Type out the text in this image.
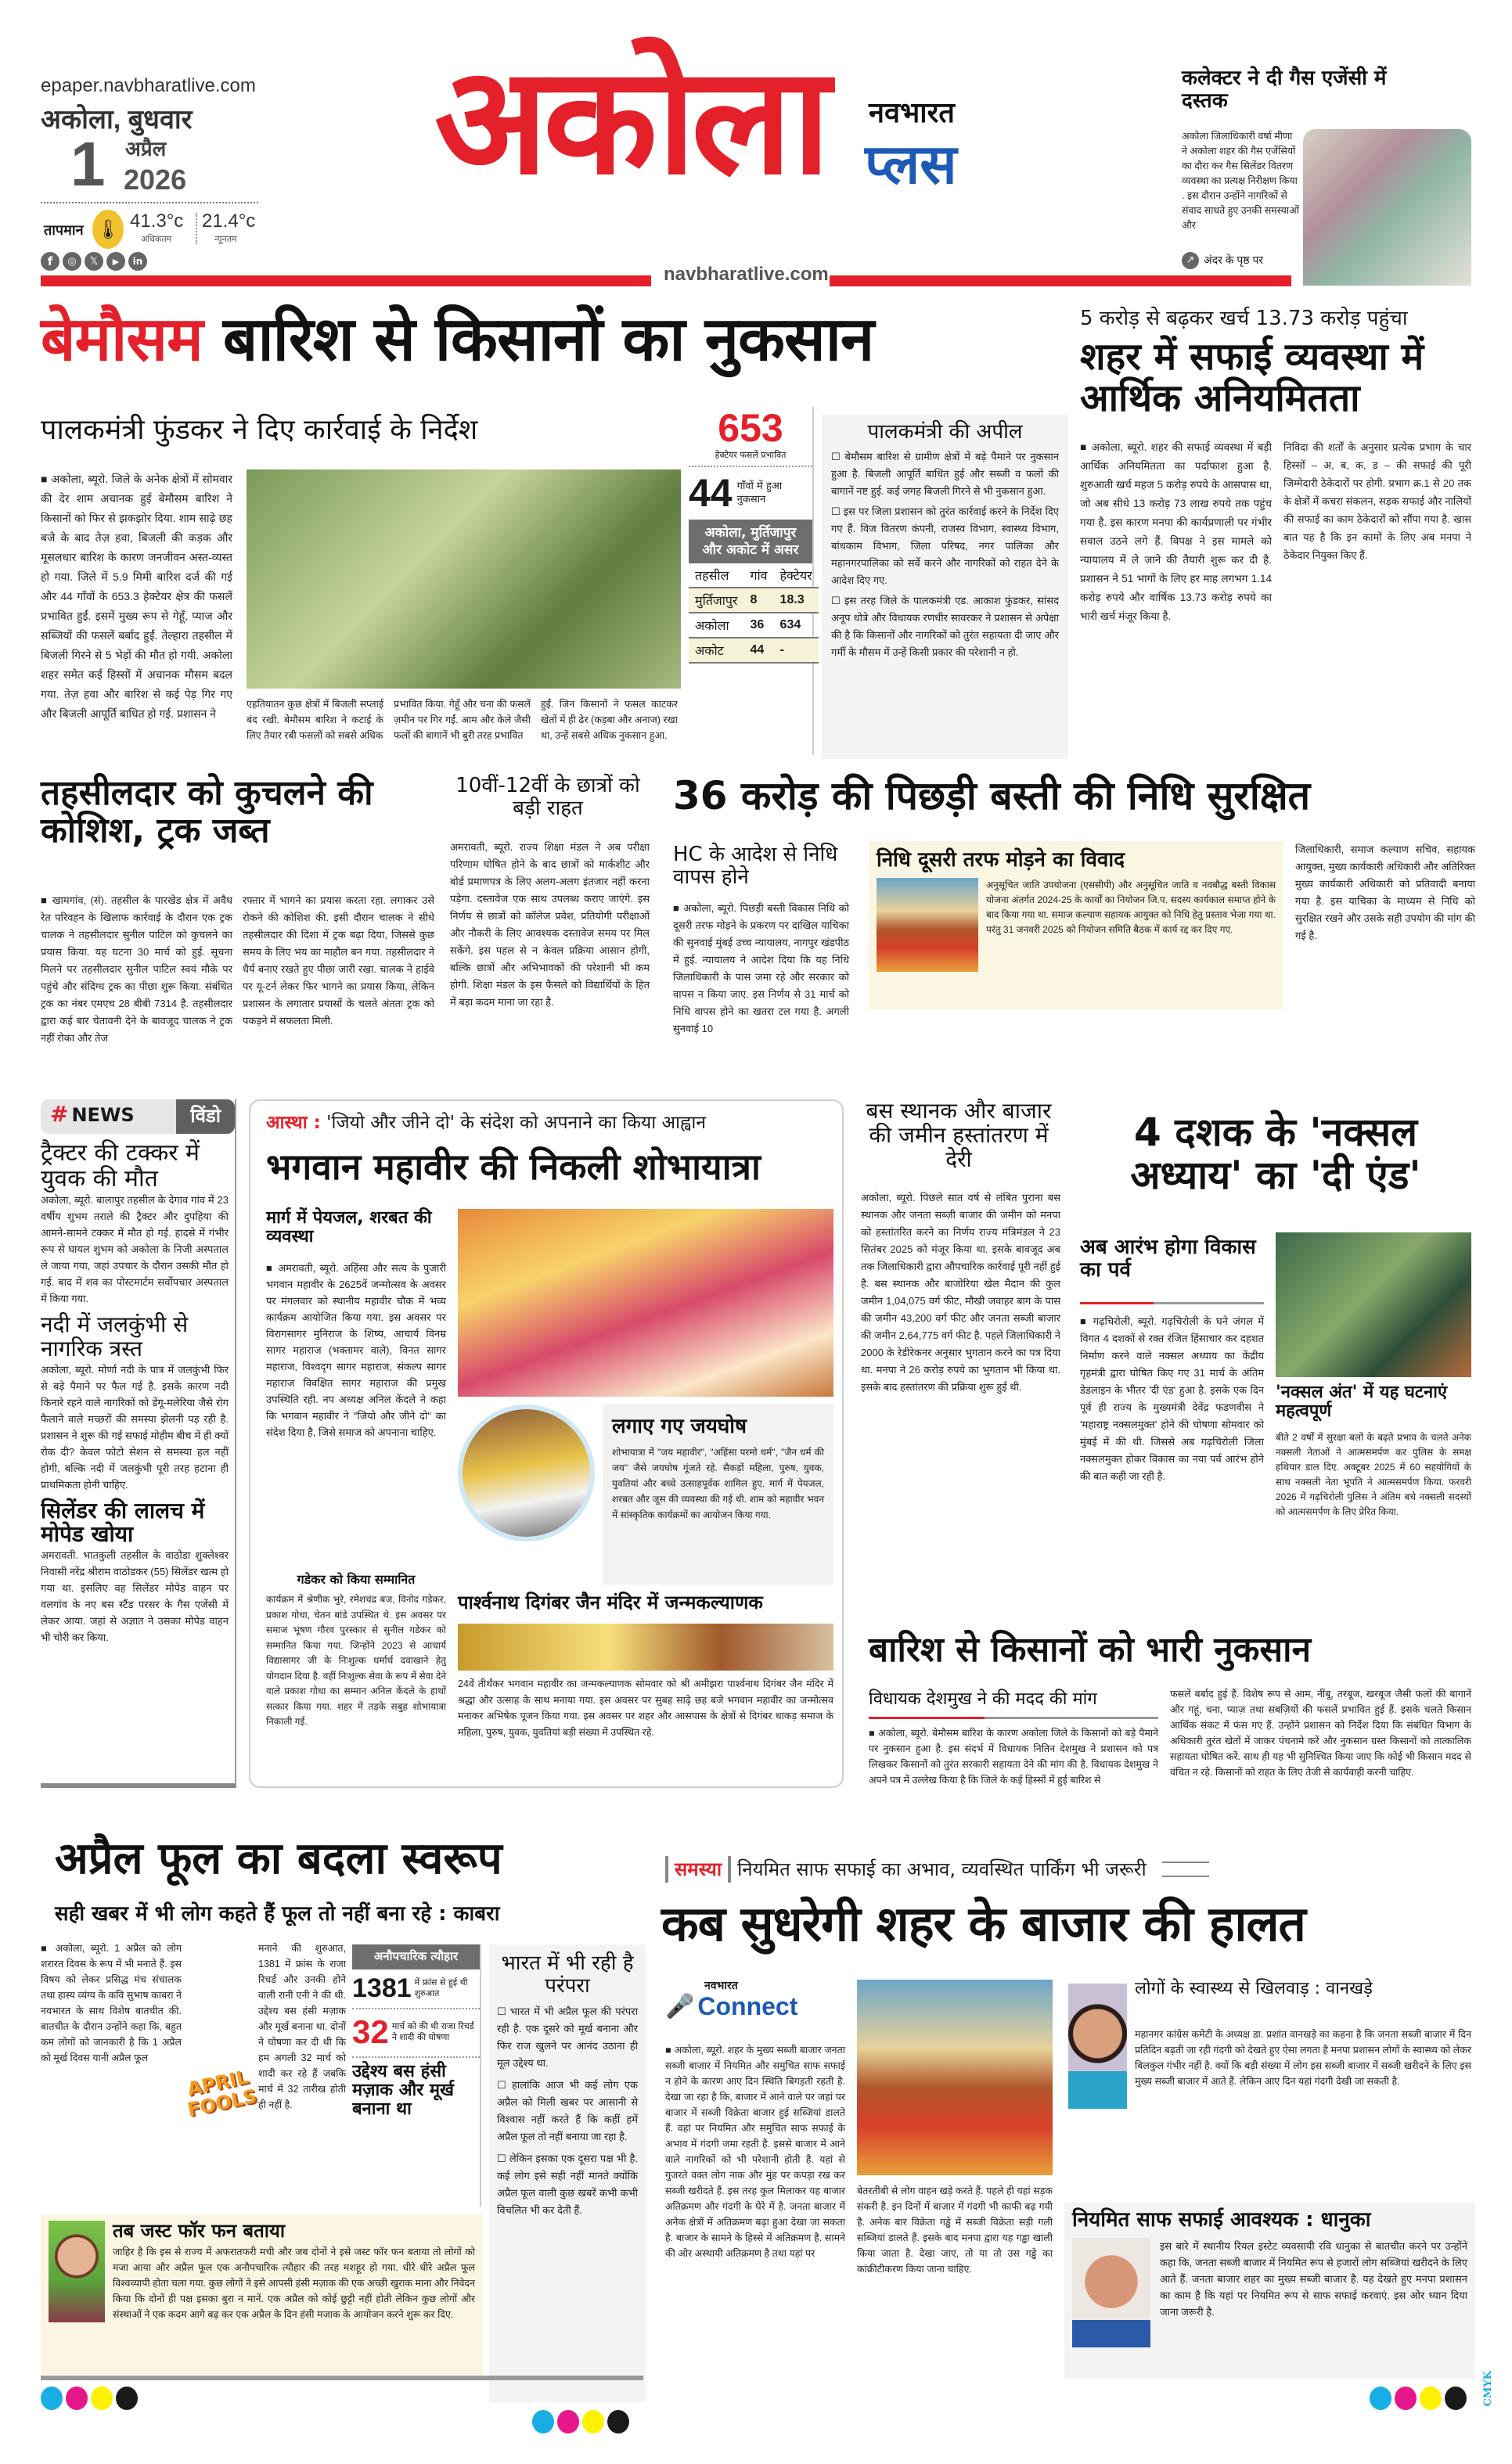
epaper.navbharatlive.com
अकोला, बुधवार
1 अप्रैल
2026
तापमान 🌡 41.3°c
अधिकतम
21.4°c
न्यूनतम
f	◎	𝕏	▶	in
अकोला नवभारत
प्लस
navbharatlive.com
कलेक्टर ने दी गैस एजेंसी में दस्तक
अकोला जिलाधिकारी वर्षा मीणा ने अकोला शहर की गैस एजेंसियों का दौरा कर गैस सिलेंडर वितरण व्यवस्था का प्रत्यक्ष निरीक्षण किया . इस दौरान उन्होंने नागरिकों से संवाद साधते हुए उनकी समस्याओं और
↗ अंदर के पृष्ठ पर
बेमौसम बारिश से किसानों का नुकसान
पालकमंत्री फुंडकर ने दिए कार्रवाई के निर्देश
■ अकोला, ब्यूरो. जिले के अनेक क्षेत्रों में सोमवार की देर शाम अचानक हुई बेमौसम बारिश ने किसानों को फिर से झकझोर दिया. शाम साढ़े छह बजे के बाद तेज़ हवा, बिजली की कड़क और मूसलधार बारिश के कारण जनजीवन अस्त-व्यस्त हो गया. जिले में 5.9 मिमी बारिश दर्ज की गई और 44 गाँवों के 653.3 हेक्टेयर क्षेत्र की फसलें प्रभावित हुईं. इसमें मुख्य रूप से गेहूँ, प्याज और सब्जियों की फसलें बर्बाद हुईं. तेल्हारा तहसील में बिजली गिरने से 5 भेड़ों की मौत हो गयी. अकोला शहर समेत कई हिस्सों में अचानक मौसम बदल गया. तेज़ हवा और बारिश से कई पेड़ गिर गए और बिजली आपूर्ति बाधित हो गई. प्रशासन ने
एहतियातन कुछ क्षेत्रों में बिजली सप्लाई बंद रखी. बेमौसम बारिश ने कटाई के लिए तैयार रबी फसलों को सबसे अधिक
प्रभावित किया. गेहूँ और चना की फसलें ज़मीन पर गिर गईं. आम और केले जैसी फलों की बागानें भी बुरी तरह प्रभावित
हुईं. जिन किसानों ने फसल काटकर खेतों में ही ढेर (कड़बा और अनाज) रखा था, उन्हें सबसे अधिक नुकसान हुआ.
653
हेक्टेयर फसलें प्रभावित
44 गाँवों में हुआ नुकसान
अकोला, मुर्तिजापुर और अकोट में असर
तहसील	गांव	हेक्टेयर
मुर्तिजापुर	8	18.3
अकोला	36	634
अकोट	44	-
पालकमंत्री की अपील
☐ बेमौसम बारिश से ग्रामीण क्षेत्रों में बड़े पैमाने पर नुकसान हुआ है. बिजली आपूर्ति बाधित हुई और सब्जी व फलों की बागानें नष्ट हुई. कई जगह बिजली गिरने से भी नुकसान हुआ.
☐ इस पर जिला प्रशासन को तुरंत कार्रवाई करने के निर्देश दिए गए हैं. विज वितरण कंपनी, राजस्व विभाग, स्वास्थ्य विभाग, बांधकाम विभाग, जिला परिषद, नगर पालिका और महानगरपालिका को सर्वे करने और नागरिकों को राहत देने के आदेश दिए गए.
☐ इस तरह जिले के पालकमंत्री एड. आकाश फुंडकर, सांसद अनूप धोत्रे और विधायक रणधीर सावरकर ने प्रशासन से अपेक्षा की है कि किसानों और नागरिकों को तुरंत सहायता दी जाए और गर्मी के मौसम में उन्हें किसी प्रकार की परेशानी न हो.
5 करोड़ से बढ़कर खर्च 13.73 करोड़ पहुंचा
शहर में सफाई व्यवस्था में आर्थिक अनियमितता
■ अकोला, ब्यूरो. शहर की सफाई व्यवस्था में बड़ी आर्थिक अनियमितता का पर्दाफाश हुआ है. शुरुआती खर्च महज 5 करोड़ रुपये के आसपास था, जो अब सीधे 13 करोड़ 73 लाख रुपये तक पहुंच गया है. इस कारण मनपा की कार्यप्रणाली पर गंभीर सवाल उठने लगे हैं. विपक्ष ने इस मामले को न्यायालय में ले जाने की तैयारी शुरू कर दी है. प्रशासन ने 51 भागों के लिए हर माह लगभग 1.14 करोड़ रुपये और वार्षिक 13.73 करोड़ रुपये का भारी खर्च मंजूर किया है.
निविदा की शर्तों के अनुसार प्रत्येक प्रभाग के चार हिस्सों – अ, ब, क, ड – की सफाई की पूरी जिम्मेदारी ठेकेदारों पर होगी. प्रभाग क्र.1 से 20 तक के क्षेत्रों में कचरा संकलन, सड़क सफाई और नालियों की सफाई का काम ठेकेदारों को सौंपा गया है. खास बात यह है कि इन कामों के लिए अब मनपा ने ठेकेदार नियुक्त किए हैं.
तहसीलदार को कुचलने की कोशिश, ट्रक जब्त
■ खामगांव, (सं). तहसील के पारखेड क्षेत्र में अवैध रेत परिवहन के खिलाफ कार्रवाई के दौरान एक ट्रक चालक ने तहसीलदार सुनील पाटिल को कुचलने का प्रयास किया. यह घटना 30 मार्च को हुई. सूचना मिलने पर तहसीलदार सुनील पाटिल स्वयं मौके पर पहुंचे और संदिग्ध ट्रक का पीछा शुरू किया. संबंधित ट्रक का नंबर एमएच 28 बीबी 7314 है. तहसीलदार द्वारा कई बार चेतावनी देने के बावजूद चालक ने ट्रक नहीं रोका और तेज
रफ्तार में भागने का प्रयास करता रहा. लगाकर उसे रोकने की कोशिश की. इसी दौरान चालक ने सीधे तहसीलदार की दिशा में ट्रक बढ़ा दिया, जिससे कुछ समय के लिए भय का माहौल बन गया. तहसीलदार ने धैर्य बनाए रखते हुए पीछा जारी रखा. चालक ने हाईवे पर यू-टर्न लेकर फिर भागने का प्रयास किया, लेकिन प्रशासन के लगातार प्रयासों के चलते अंततः ट्रक को पकड़ने में सफलता मिली.
10वीं-12वीं के छात्रों को बड़ी राहत
अमरावती, ब्यूरो. राज्य शिक्षा मंडल ने अब परीक्षा परिणाम घोषित होने के बाद छात्रों को मार्कशीट और बोर्ड प्रमाणपत्र के लिए अलग-अलग इंतजार नहीं करना पड़ेगा. दस्तावेज एक साथ उपलब्ध कराए जाएंगे. इस निर्णय से छात्रों को कॉलेज प्रवेश, प्रतियोगी परीक्षाओं और नौकरी के लिए आवश्यक दस्तावेज समय पर मिल सकेंगे. इस पहल से न केवल प्रक्रिया आसान होगी, बल्कि छात्रों और अभिभावकों की परेशानी भी कम होगी. शिक्षा मंडल के इस फैसले को विद्यार्थियों के हित में बड़ा कदम माना जा रहा है.
36 करोड़ की पिछड़ी बस्ती की निधि सुरक्षित
HC के आदेश से निधि वापस होने
■ अकोला, ब्यूरो. पिछड़ी बस्ती विकास निधि को दूसरी तरफ मोड़ने के प्रकरण पर दाखिल याचिका की सुनवाई मुंबई उच्च न्यायालय, नागपुर खंडपीठ में हुई. न्यायालय ने आदेश दिया कि यह निधि जिलाधिकारी के पास जमा रहे और सरकार को वापस न किया जाए. इस निर्णय से 31 मार्च को निधि वापस होने का खतरा टल गया है. अगली सुनवाई 10
निधि दूसरी तरफ मोड़ने का विवाद
अनुसूचित जाति उपयोजना (एससीपी) और अनुसूचित जाति व नवबौद्ध बस्ती विकास योजना अंतर्गत 2024-25 के कार्यों का नियोजन जि.प. सदस्य कार्यकाल समाप्त होने के बाद किया गया था. समाज कल्याण सहायक आयुक्त को निधि हेतु प्रस्ताव भेजा गया था. परंतु 31 जनवरी 2025 को नियोजन समिति बैठक में कार्य रद्द कर दिए गए.
जिलाधिकारी, समाज कल्याण सचिव, सहायक आयुक्त, मुख्य कार्यकारी अधिकारी और अतिरिक्त मुख्य कार्यकारी अधिकारी को प्रतिवादी बनाया गया है. इस याचिका के माध्यम से निधि को सुरक्षित रखने और उसके सही उपयोग की मांग की गई है.
# NEWS	विंडो
ट्रैक्टर की टक्कर में युवक की मौत
अकोला, ब्यूरो. बालापुर तहसील के देगाव गांव में 23 वर्षीय शुभम तराले की ट्रैक्टर और दुपहिया की आमने-सामने टक्कर में मौत हो गई. हादसे में गंभीर रूप से घायल शुभम को अकोला के निजी अस्पताल ले जाया गया, जहां उपचार के दौरान उसकी मौत हो गई. बाद में शव का पोस्टमार्टम सर्वोपचार अस्पताल में किया गया.
नदी में जलकुंभी से नागरिक त्रस्त
अकोला, ब्यूरो. मोर्णा नदी के पात्र में जलकुंभी फिर से बड़े पैमाने पर फैल गई है. इसके कारण नदी किनारे रहने वाले नागरिकों को डेंगू-मलेरिया जैसे रोग फैलाने वाले मच्छरों की समस्या झेलनी पड़ रही है. प्रशासन ने शुरू की गई सफाई मोहीम बीच में ही क्यों रोक दी? केवल फोटो सेशन से समस्या हल नहीं होगी, बल्कि नदी में जलकुंभी पूरी तरह हटाना ही प्राथमिकता होनी चाहिए.
सिलेंडर की लालच में मोपेड खोया
अमरावती. भातकुली तहसील के वाठोडा शुक्लेश्वर निवासी नरेंद्र श्रीराम वाठोडकर (55) सिलेंडर खत्म हो गया था. इसलिए वह सिलेंडर मोपेड वाहन पर वलगांव के नए बस स्टैंड परसर के गैस एजेंसी में लेकर आया. जहां से अज्ञात ने उसका मोपेड वाहन भी चोरी कर किया.
आस्था : 'जियो और जीने दो' के संदेश को अपनाने का किया आह्वान
भगवान महावीर की निकली शोभायात्रा
मार्ग में पेयजल, शरबत की व्यवस्था
■ अमरावती, ब्यूरो. अहिंसा और सत्य के पुजारी भगवान महावीर के 2625वें जन्मोत्सव के अवसर पर मंगलवार को स्थानीय महावीर चौक में भव्य कार्यक्रम आयोजित किया गया. इस अवसर पर विरागसागर मुनिराज के शिष्य, आचार्य विनम्र सागर महाराज (भक्तामर वाले), विनत सागर महाराज, विश्वदृग सागर महाराज, संकल्प सागर महाराज विवक्षित सागर महाराज की प्रमुख उपस्थिति रही. नप अध्यक्ष अनिल केंदले ने कहा कि भगवान महावीर ने "जियो और जीने दो" का संदेश दिया है, जिसे समाज को अपनाना चाहिए.	लगाए गए जयघोष
शोभायात्रा में "जय महावीर", "अहिंसा परमो धर्म", "जैन धर्म की जय" जैसे जयघोष गूंजते रहे. सैकड़ों महिला, पुरुष, युवक, युवतियां और बच्चे उत्साहपूर्वक शामिल हुए. मार्ग में पेयजल, शरबत और जूस की व्यवस्था की गई थी. शाम को महावीर भवन में सांस्कृतिक कार्यक्रमों का आयोजन किया गया.
गडेकर को किया सम्मानित
कार्यक्रम में श्रेणीक भुरे, रमेशचंद्र बज, विनोद गडेकर, प्रकाश गोधा, चेतन बांडे उपस्थित थे. इस अवसर पर समाज भूषण गौरव पुरस्कार से सुनील गडेकर को सम्मानित किया गया. जिन्होंने 2023 से आचार्य विद्यासागर जी के निःशुल्क धर्मार्थ दवाखाने हेतु योगदान दिया है. वहीं निःशुल्क सेवा के रूप में सेवा देने वाले प्रकाश गोधा का सम्मान अनिल केंदले के हाथों सत्कार किया गया. शहर में तड़के सबुह शोभायात्रा निकाली गई.
पार्श्वनाथ दिगंबर जैन मंदिर में जन्मकल्याणक
24वें तीर्थंकर भगवान महावीर का जन्मकल्याणक सोमवार को श्री अमीझरा पार्श्वनाथ दिगंबर जैन मंदिर में श्रद्धा और उत्साह के साथ मनाया गया. इस अवसर पर सुबह साढ़े छह बजे भगवान महावीर का जन्मोत्सव मनाकर अभिषेक पूजन किया गया. इस अवसर पर शहर और आसपास के क्षेत्रों से दिगंबर धाकड़ समाज के महिला, पुरुष, युवक, युवतियां बड़ी संख्या में उपस्थित रहे.
बस स्थानक और बाजार की जमीन हस्तांतरण में देरी
अकोला, ब्यूरो. पिछले सात वर्ष से लंबित पुराना बस स्थानक और जनता सब्ज़ी बाजार की जमीन को मनपा को हस्तांतरित करने का निर्णय राज्य मंत्रिमंडल ने 23 सितंबर 2025 को मंजूर किया था. इसके बावजूद अब तक जिलाधिकारी द्वारा औपचारिक कार्रवाई पूरी नहीं हुई है. बस स्थानक और बाजोरिया खेल मैदान की कुल जमीन 1,04,075 वर्ग फीट, मौखी जवाहर बाग के पास की जमीन 43,200 वर्ग फीट और जनता सब्जी बाजार की जमीन 2,64,775 वर्ग फीट है. पहले जिलाधिकारी ने 2000 के रेडीरेकनर अनुसार भुगतान करने का पत्र दिया था. मनपा ने 26 करोड़ रुपये का भुगतान भी किया था. इसके बाद हस्तांतरण की प्रक्रिया शुरू हुई थी.
4 दशक के 'नक्सल अध्याय' का 'दी एंड'
अब आरंभ होगा विकास का पर्व
■ गढ़चिरोली, ब्यूरो. गढ़चिरोली के घने जंगल में विगत 4 दशकों से रक्त रंजित हिंसाचार कर दहशत निर्माण करने वाले नक्सल अध्याय का केंद्रीय गृहमंत्री द्वारा घोषित किए गए 31 मार्च के अंतिम डेडलाइन के भीतर 'दी एंड' हुआ है. इसके एक दिन पूर्व ही राज्य के मुख्यमंत्री देवेंद्र फडणवीस ने 'महाराष्ट्र नक्सलमुक्त' होने की घोषणा सोमवार को मुंबई में की थी. जिससे अब गढ़चिरोली जिला नक्सलमुक्त होकर विकास का नया पर्व आरंभ होने की बात कही जा रही है.
'नक्सल अंत' में यह घटनाएं महत्वपूर्ण
बीते 2 वर्षों में सुरक्षा बलों के बढ़ते प्रभाव के चलते अनेक नक्सली नेताओं ने आत्मसमर्पण कर पुलिस के समक्ष हथियार डाल दिए. अक्टूबर 2025 में 60 सहयोगियों के साथ नक्सली नेता भूपति ने आत्मसमर्पण किया. फरवरी 2026 में गढ़चिरोली पुलिस ने अंतिम बचे नक्सली सदस्यों को आत्मसमर्पण के लिए प्रेरित किया.
बारिश से किसानों को भारी नुकसान
विधायक देशमुख ने की मदद की मांग
■ अकोला, ब्यूरो. बेमौसम बारिश के कारण अकोला जिले के किसानों को बड़े पैमाने पर नुकसान हुआ है. इस संदर्भ में विधायक नितिन देशमुख ने प्रशासन को पत्र लिखकर किसानों को तुरंत सरकारी सहायता देने की मांग की है. विधायक देशमुख ने अपने पत्र में उल्लेख किया है कि जिले के कई हिस्सों में हुई बारिश से
फसलें बर्बाद हुई हैं. विशेष रूप से आम, नींबू, तरबूज, खरबूज जैसी फलों की बागानें और गहूं, चना, प्याज़ तथा सबज़ियों की फसलें प्रभावित हुई हैं. इसके चलते किसान आर्थिक संकट में फंस गए हैं. उन्होंने प्रशासन को निर्देश दिया कि संबंधित विभाग के अधिकारी तुरंत खेतों में जाकर पंचनामे करें और नुकसान ग्रस्त किसानों को तात्कालिक सहायता घोषित करें. साथ ही यह भी सुनिश्चित किया जाए कि कोई भी किसान मदद से वंचित न रहे. किसानों को राहत के लिए तेजी से कार्यवाही करनी चाहिए.
अप्रैल फूल का बदला स्वरूप
सही खबर में भी लोग कहते हैं फूल तो नहीं बना रहे : काबरा
■ अकोला, ब्यूरो. 1 अप्रैल को लोग शरारत दिवस के रूप में भी मनाते हैं. इस विषय को लेकर प्रसिद्ध मंच संचालक तथा हास्य व्यंग्य के कवि सुभाष काबरा ने नवभारत के साथ विशेष बातचीत की. बातचीत के दौरान उन्होंने कहा कि, बहुत कम लोगों को जानकारी है कि 1 अप्रैल को मूर्ख दिवस यानी अप्रैल फूल
APRIL FOOLS
मनाने की शुरुआत, 1381 में फ्रांस के राजा रिचर्ड और उनकी होने वाली रानी एनी ने की थी. उद्देश्य बस हंसी मज़ाक और मूर्ख बनाना था. दोनों ने घोषणा कर दी थी कि हम अगली 32 मार्च को शादी कर रहे हैं जबकि मार्च में 32 तारीख होती ही नहीं है.
अनौपचारिक त्यौहार
1381 में फ्रांस से हुई थी शुरुआत
32 मार्च को की थी राजा रिचर्ड ने शादी की घोषणा
उद्देश्य बस हंसी मज़ाक और मूर्ख बनाना था
भारत में भी रही है परंपरा
☐ भारत में भी अप्रैल फूल की परंपरा रही है. एक दूसरे को मूर्ख बनाना और फिर राज खुलने पर आनंद उठाना ही मूल उद्देश्य था.
☐ हालांकि आज भी कई लोग एक अप्रैल को मिली खबर पर आसानी से विश्वास नहीं करते हैं कि कहीं हमें अप्रैल फूल तो नहीं बनाया जा रहा है.
☐ लेकिन इसका एक दूसरा पक्ष भी है. कई लोग इसे सही नहीं मानते क्योंकि अप्रैल फूल वाली कुछ खबरें कभी कभी विचलित भी कर देती हैं.
तब जस्ट फॉर फन बताया
जाहिर है कि इस से राज्य में अफरातफरी मची और जब दोनों ने इसे जस्ट फॉर फन बताया तो लोगों को मजा आया और अप्रैल फूल एक अनौपचारिक त्यौहार की तरह मशहूर हो गया. धीरे धीरे अप्रैल फूल विश्वव्यापी होता चला गया. कुछ लोगों ने इसे आपसी हंसी मज़ाक की एक अच्छी खुराक माना और निवेदन किया कि दोनों ही पक्ष इसका बुरा न मानें. एक अप्रैल को कोई छुट्टी नहीं होती लेकिन कुछ लोगों और संस्थाओं ने एक कदम आगे बढ़ कर एक अप्रैल के दिन हंसी मजाक के आयोजन करने शुरू कर दिए.
समस्या नियमित साफ सफाई का अभाव, व्यवस्थित पार्किंग भी जरूरी
कब सुधरेगी शहर के बाजार की हालत
नवभारत
🎤 Connect
■ अकोला, ब्यूरो. शहर के मुख्य सब्जी बाजार जनता सब्जी बाजार में नियमित और समुचित साफ सफाई न होने के कारण आए दिन स्थिति बिगड़ती रहती है. देखा जा रहा है कि, बाजार में आने वाले पर जहां पर बाजार में सब्जी विक्रेता बाजार हुई सब्जियां डालते हैं. वहां पर नियमित और समुचित साफ सफाई के अभाव में गंदगी जमा रहती है. इससे बाजार में आने वाले नागरिकों को भी परेशानी होती है. यहां से गुजरते वक्त लोग नाक और मुंह पर कपड़ा रख कर सब्जी खरीदते हैं. इस तरह कुल मिलाकर यह बाजार अतिक्रमण और गंदगी के घेरे में है. जनता बाजार में अनेक क्षेत्रों में अतिक्रमण बढ़ा हुआ देखा जा सकता है. बाजार के सामने के हिस्से में अतिक्रमण है. सामने की ओर अस्थायी अतिक्रमण है तथा यहां पर
बेतरतीबी से लोग वाहन खड़े करते हैं. पहले ही यहां सड़क संकरी है. इन दिनों में बाजार में गंदगी भी काफी बढ़ गयी है. अनेक बार विक्रेता गड्ढे में सब्जी विक्रेता सड़ी गली सब्जियां डालते हैं. इसके बाद मनपा द्वारा यह गड्ढा खाली किया जाता है. देखा जाए, तो या तो उस गड्ढे का कांक्रीटीकरण किया जाना चाहिए.
लोगों के स्वास्थ्य से खिलवाड़ : वानखड़े
महानगर कांग्रेस कमेटी के अध्यक्ष डा. प्रशांत वानखड़े का कहना है कि जनता सब्जी बाजार में दिन प्रतिदिन बढ़ती जा रही गंदगी को देखते हुए ऐसा लगता है मनपा प्रशासन लोगों के स्वास्थ्य को लेकर बिलकुल गंभीर नहीं है. क्यों कि बड़ी संख्या में लोग इस सब्जी बाजार में सब्जी खरीदने के लिए इस मुख्य सब्जी बाजार में आते हैं. लेकिन आए दिन यहां गंदगी देखी जा सकती है.
नियमित साफ सफाई आवश्यक : धानुका
इस बारे में स्थानीय रियल इस्टेट व्यवसायी रवि धानुका से बातचीत करने पर उन्होंने कहा कि, जनता सब्जी बाजार में नियमित रूप से हजारों लोग सब्जियां खरीदने के लिए आते हैं. जनता बाजार शहर का मुख्य सब्जी बाजार है. यह देखते हुए मनपा प्रशासन का काम है कि यहां पर नियमित रूप से साफ सफाई करवाएं. इस ओर ध्यान दिया जाना जरूरी है.
CMYK
